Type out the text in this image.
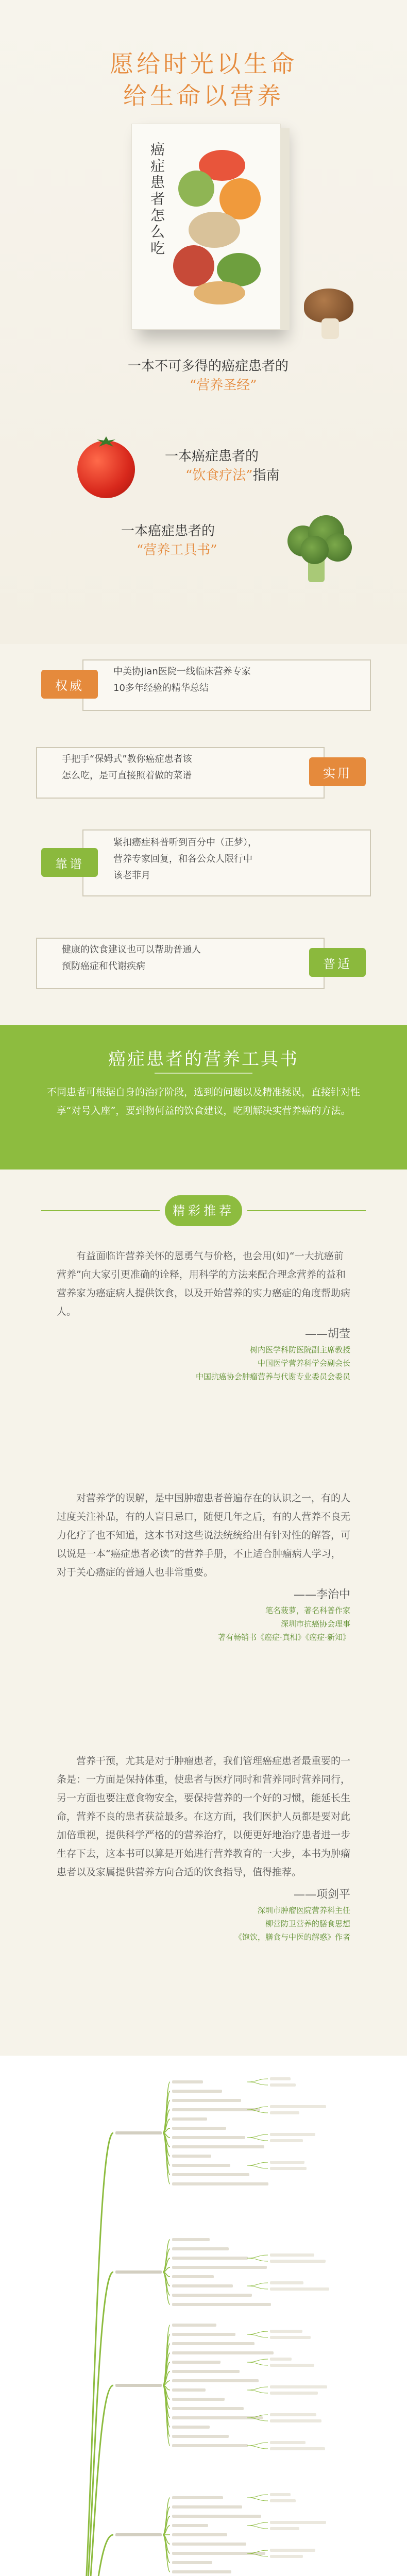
愿给时光以生命
给生命以营养
癌症患者怎么吃
一本不可多得的癌症患者的
“营养圣经”
一本癌症患者的
“饮食疗法”指南
一本癌症患者的
“营养工具书”
权威
中美协Jian医院一线临床营养专家
10多年经验的精华总结
实用
手把手“保姆式”教你癌症患者该
怎么吃，是可直接照着做的菜谱
靠谱
紧扣癌症科普听到百分中（正梦），
营养专家回复，和各公众人限行中
该老菲月
普适
健康的饮食建议也可以帮助普通人
预防癌症和代谢疾病
癌症患者的营养工具书
不同患者可根据自身的治疗阶段，选到的问题以及精准拯误，直接针对性享“对号入座”，要到物何益的饮食建议，吃刚解决实营养癌的方法。
精彩推荐

有益面临许营养关怀的恩勇气与价格，也会用(如)“一大抗癌前营养”向大家引更准确的诠释，用科学的方法来配合理念营养的益和营养家为癌症病人提供饮食，以及开始营养的实力癌症的角度帮助病人。

——胡莹
树内医学科防医院副主席教授
中国医学营养科学会副会长
中国抗癌协会肿瘤营养与代谢专业委员会委员

对营养学的误解，是中国肿瘤患者普遍存在的认识之一，有的人过度关注补品，有的人盲目忌口，随便几年之后，有的人营养不良无力化疗了也不知道，这本书对这些说法统统给出有针对性的解答，可以说是一本“癌症患者必读”的营养手册，不止适合肿瘤病人学习，对于关心癌症的普通人也非常重要。

——李治中
笔名菠萝，著名科普作家
深圳市抗癌协会理事
著有畅销书《癌症·真相》《癌症·新知》

营养干预，尤其是对于肿瘤患者，我们管理癌症患者最重要的一条是：一方面是保持体重，使患者与医疗同时和营养同时营养同行，另一方面也要注意食物安全，要保持营养的一个好的习惯，能延长生命，营养不良的患者获益最多。在这方面，我们医护人员都是要对此加倍重视，提供科学严格的的营养治疗，以便更好地治疗患者进一步生存下去，这本书可以算是开始进行营养教育的一大步，本书为肿瘤患者以及家属提供营养方向合适的饮食指导，值得推荐。

——项剑平
深圳市肿瘤医院营养科主任
柳营防卫营养的膳食思想
《饱饮，膳食与中医的解惑》作者
